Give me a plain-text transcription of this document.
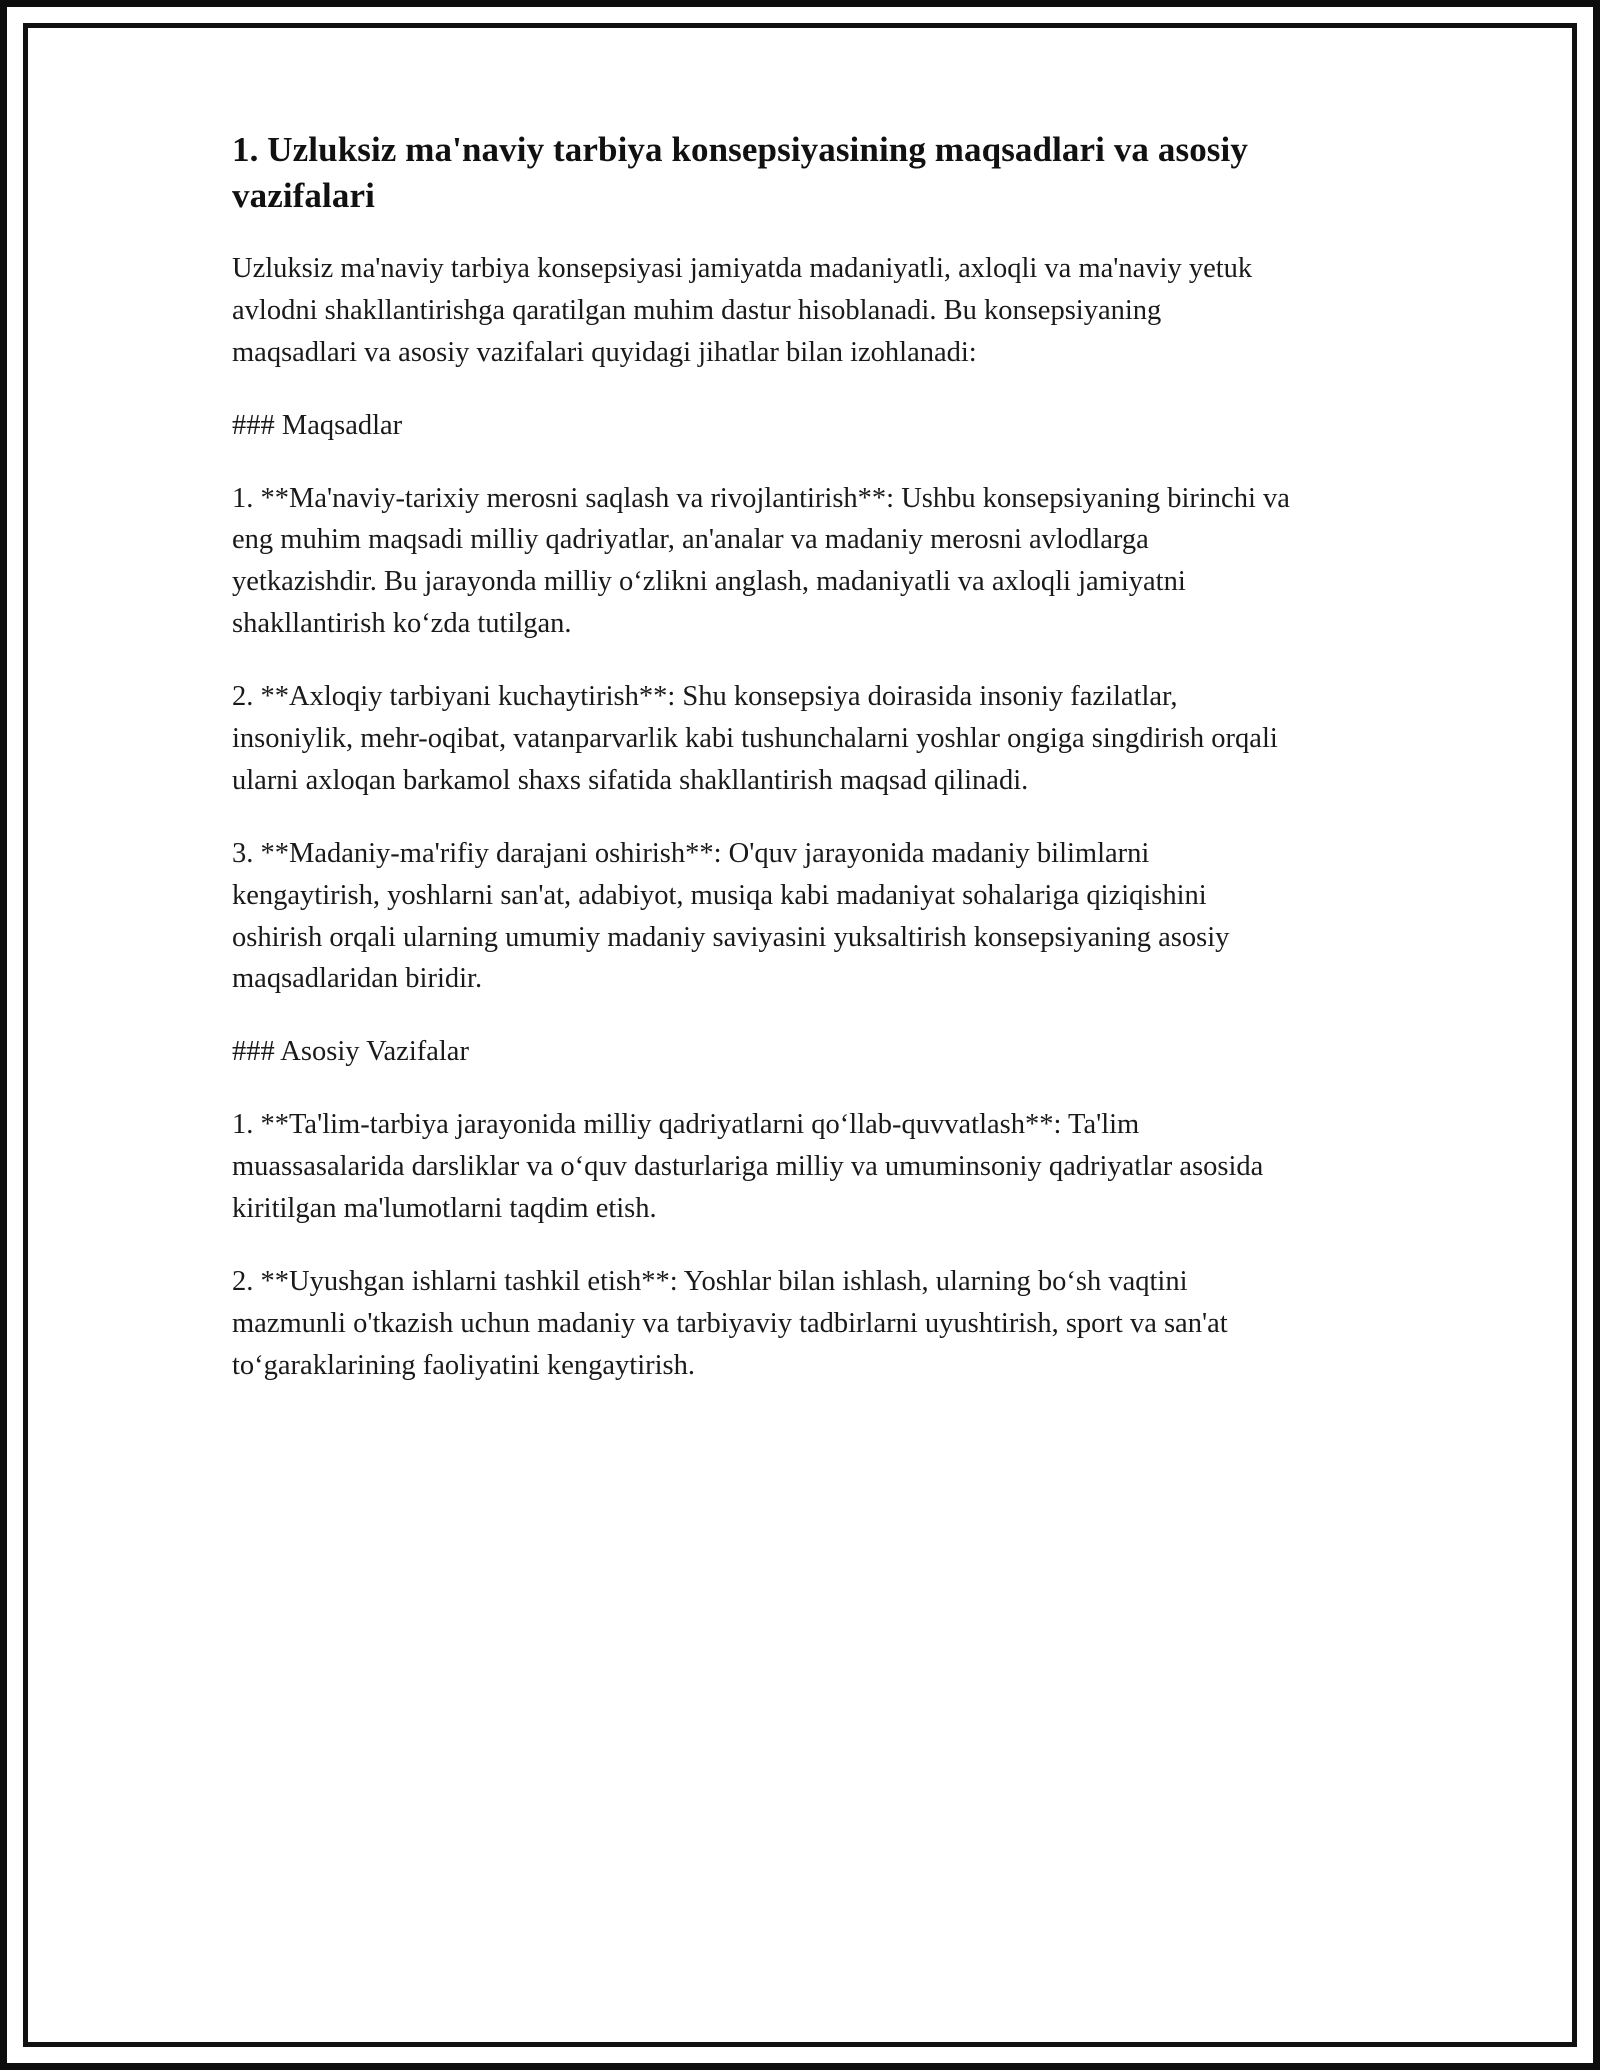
1. Uzluksiz ma'naviy tarbiya konsepsiyasining maqsadlari va asosiy vazifalari

Uzluksiz ma'naviy tarbiya konsepsiyasi jamiyatda madaniyatli, axloqli va ma'naviy yetuk avlodni shakllantirishga qaratilgan muhim dastur hisoblanadi. Bu konsepsiyaning maqsadlari va asosiy vazifalari quyidagi jihatlar bilan izohlanadi:

### Maqsadlar

1. **Ma'naviy-tarixiy merosni saqlash va rivojlantirish**: Ushbu konsepsiyaning birinchi va eng muhim maqsadi milliy qadriyatlar, an'analar va madaniy merosni avlodlarga yetkazishdir. Bu jarayonda milliy o‘zlikni anglash, madaniyatli va axloqli jamiyatni shakllantirish ko‘zda tutilgan.

2. **Axloqiy tarbiyani kuchaytirish**: Shu konsepsiya doirasida insoniy fazilatlar, insoniylik, mehr-oqibat, vatanparvarlik kabi tushunchalarni yoshlar ongiga singdirish orqali ularni axloqan barkamol shaxs sifatida shakllantirish maqsad qilinadi.

3. **Madaniy-ma'rifiy darajani oshirish**: O'quv jarayonida madaniy bilimlarni kengaytirish, yoshlarni san'at, adabiyot, musiqa kabi madaniyat sohalariga qiziqishini oshirish orqali ularning umumiy madaniy saviyasini yuksaltirish konsepsiyaning asosiy maqsadlaridan biridir.

### Asosiy Vazifalar

1. **Ta'lim-tarbiya jarayonida milliy qadriyatlarni qo‘llab-quvvatlash**: Ta'lim muassasalarida darsliklar va o‘quv dasturlariga milliy va umuminsoniy qadriyatlar asosida kiritilgan ma'lumotlarni taqdim etish.

2. **Uyushgan ishlarni tashkil etish**: Yoshlar bilan ishlash, ularning bo‘sh vaqtini mazmunli o'tkazish uchun madaniy va tarbiyaviy tadbirlarni uyushtirish, sport va san'at to‘garaklarining faoliyatini kengaytirish.
